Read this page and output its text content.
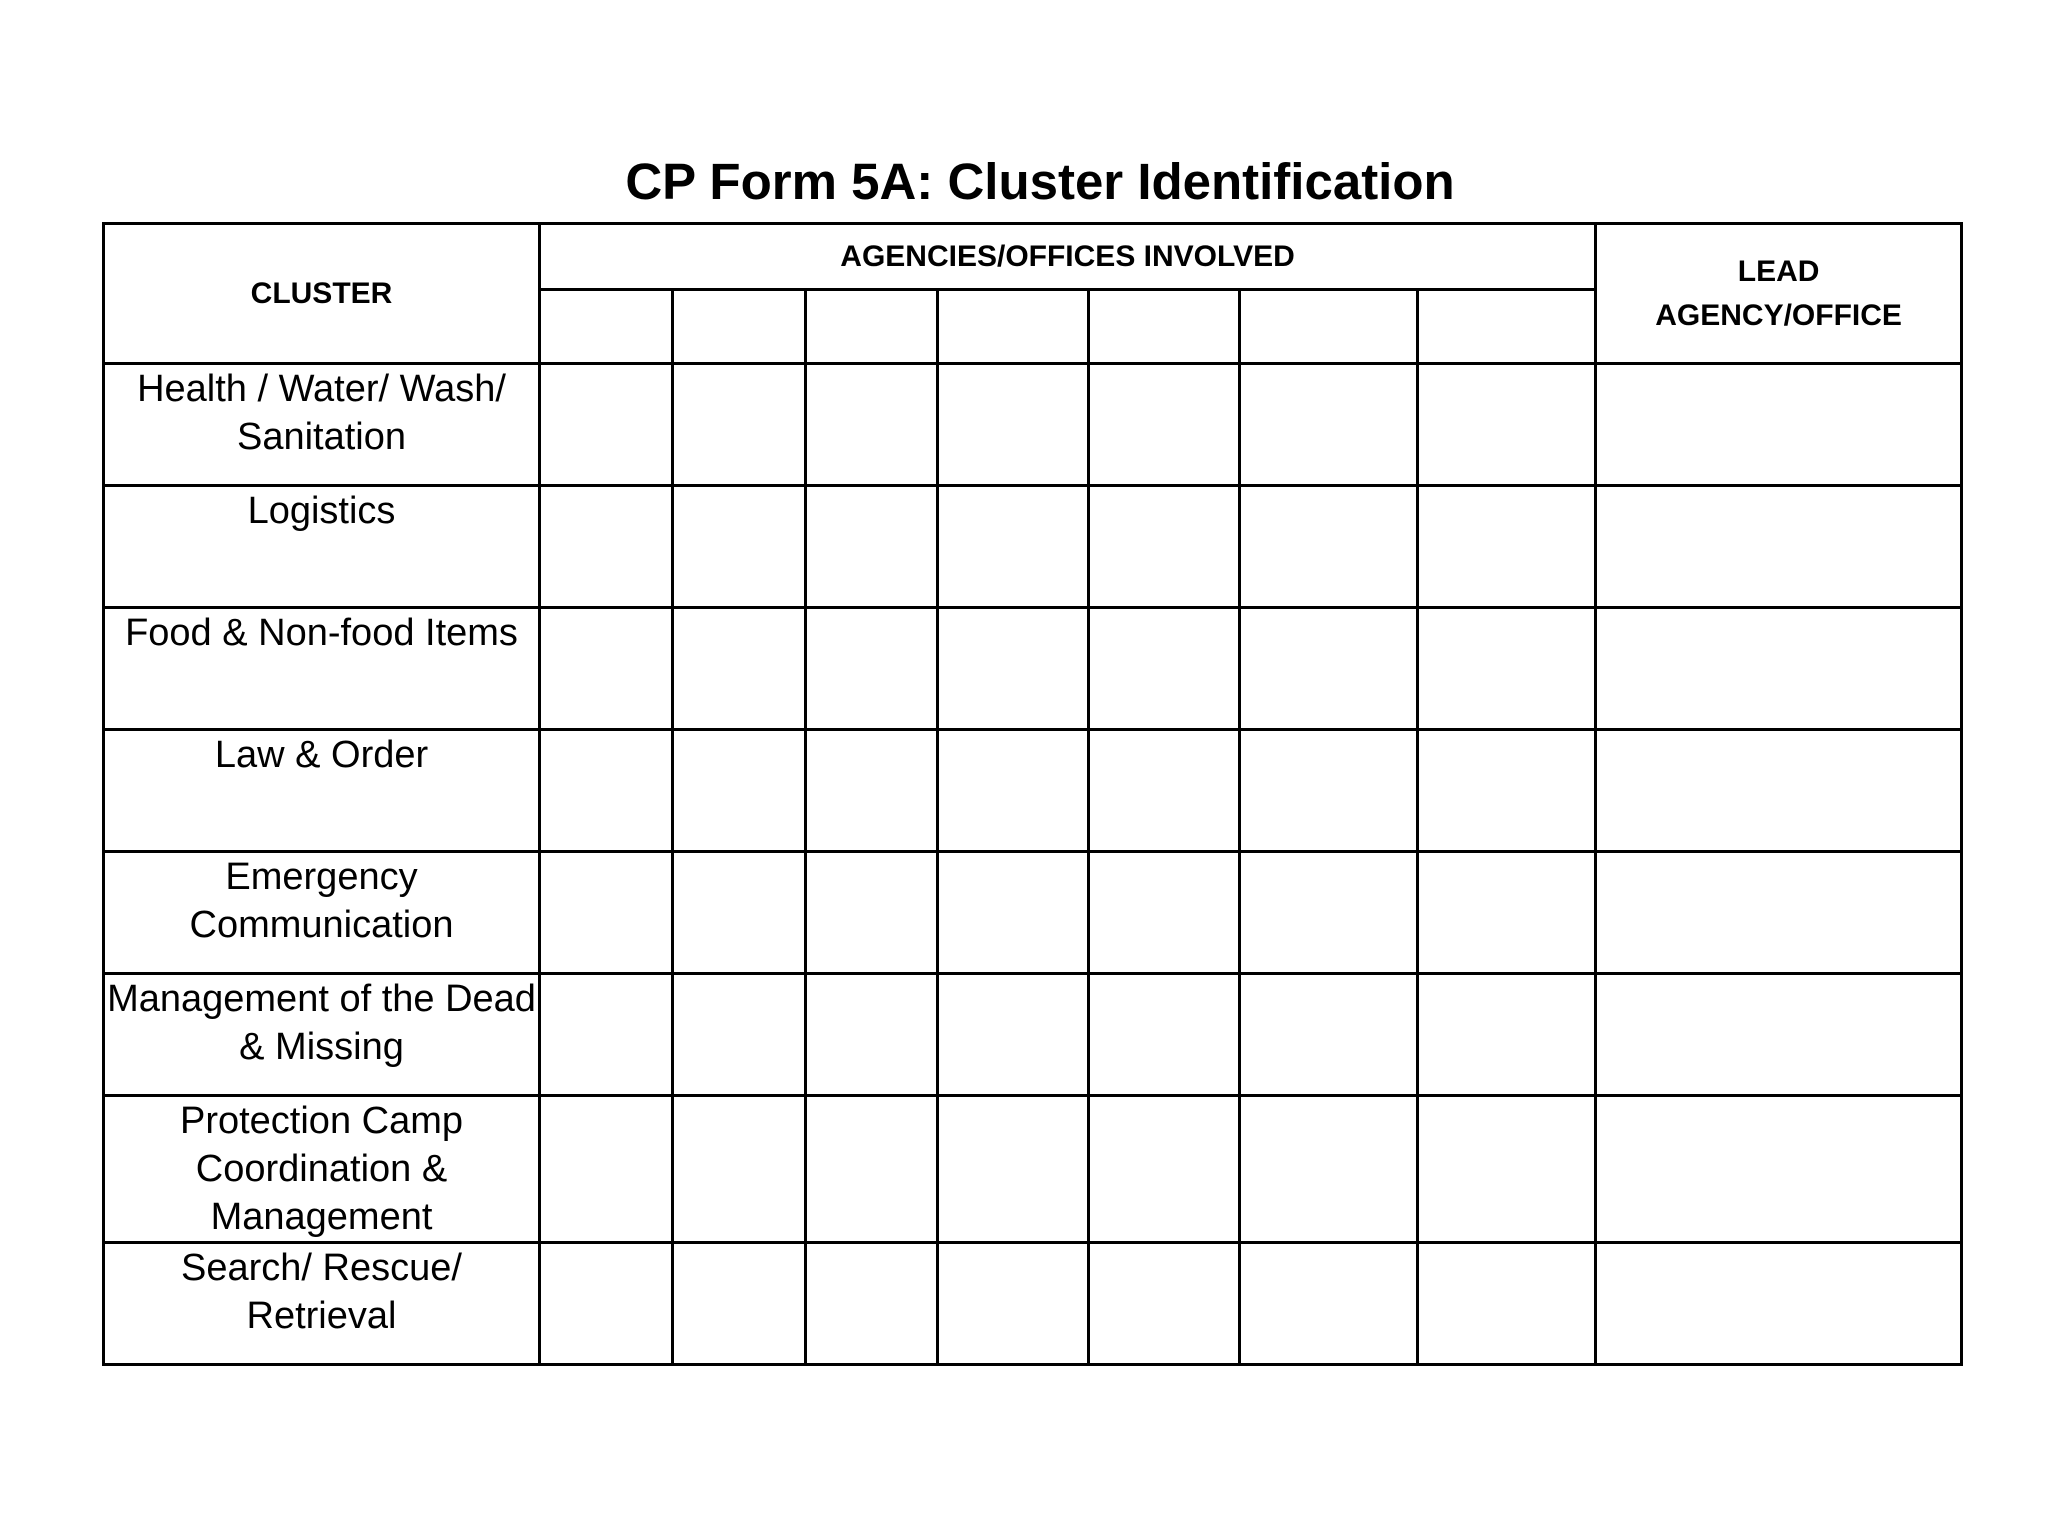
CP Form 5A: Cluster Identification
CLUSTER	AGENCIES/OFFICES INVOLVED							LEAD
AGENCY/OFFICE

Health / Water/ Wash/ Sanitation								
Logistics								
Food & Non-food Items								
Law & Order								
Emergency Communication								
Management of the Dead & Missing								
Protection Camp Coordination & Management								
Search/ Rescue/ Retrieval								
